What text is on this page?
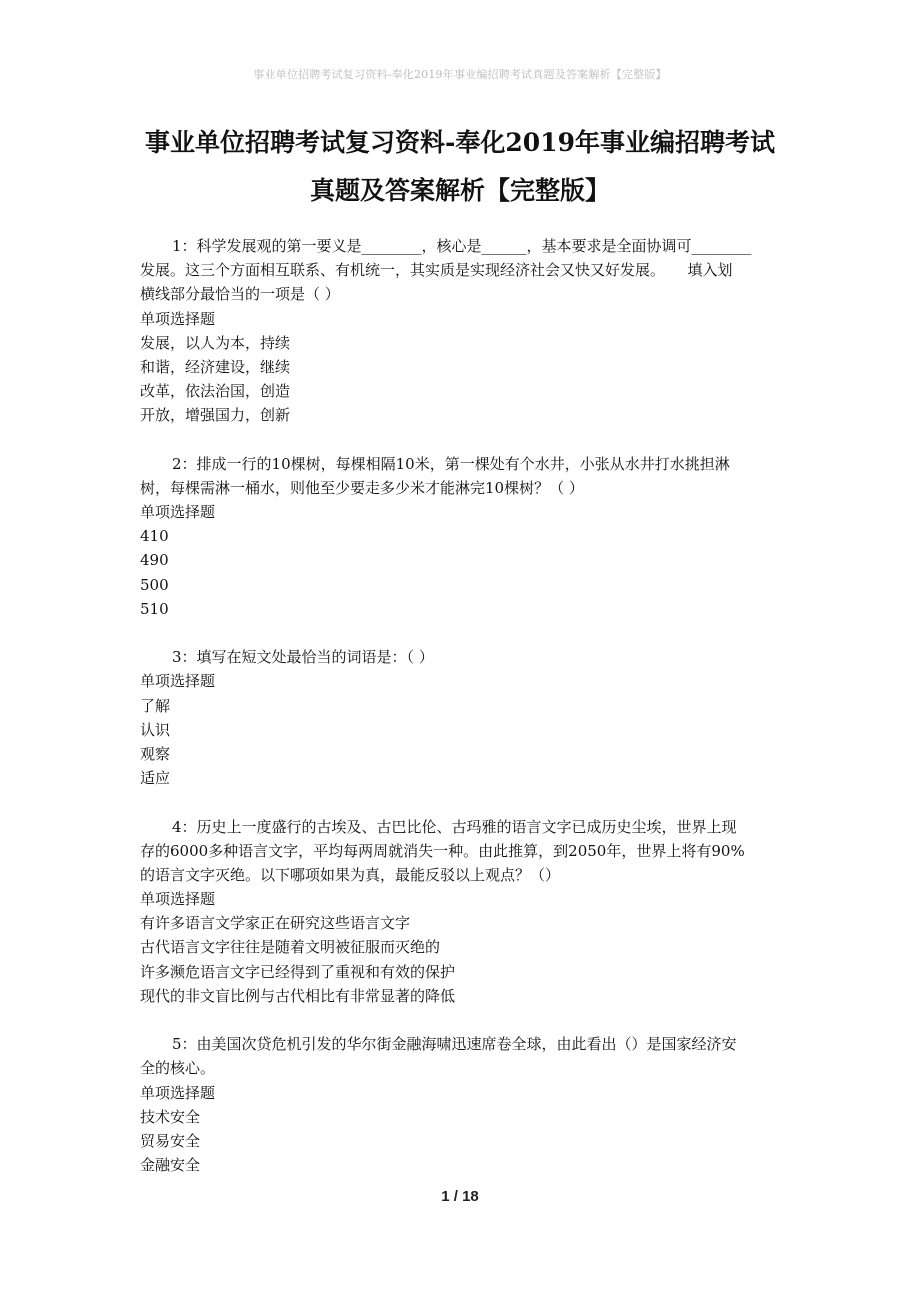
事业单位招聘考试复习资料-奉化2019年事业编招聘考试真题及答案解析【完整版】
事业单位招聘考试复习资料-奉化2019年事业编招聘考试
真题及答案解析【完整版】
1：科学发展观的第一要义是________，核心是______，基本要求是全面协调可________
发展。这三个方面相互联系、有机统一，其实质是实现经济社会又快又好发展。　　填入划
横线部分最恰当的一项是（ ）
单项选择题
发展，以人为本，持续
和谐，经济建设，继续
改革，依法治国，创造
开放，增强国力，创新
2：排成一行的10棵树，每棵相隔10米，第一棵处有个水井，小张从水井打水挑担淋
树，每棵需淋一桶水，则他至少要走多少米才能淋完10棵树？（ ）
单项选择题
410
490
500
510
3：填写在短文处最恰当的词语是：（ ）
单项选择题
了解
认识
观察
适应
4：历史上一度盛行的古埃及、古巴比伦、古玛雅的语言文字已成历史尘埃，世界上现
存的6000多种语言文字，平均每两周就消失一种。由此推算，到2050年，世界上将有90%
的语言文字灭绝。以下哪项如果为真，最能反驳以上观点？（）
单项选择题
有许多语言文学家正在研究这些语言文字
古代语言文字往往是随着文明被征服而灭绝的
许多濒危语言文字已经得到了重视和有效的保护
现代的非文盲比例与古代相比有非常显著的降低
5：由美国次贷危机引发的华尔街金融海啸迅速席卷全球，由此看出（）是国家经济安
全的核心。
单项选择题
技术安全
贸易安全
金融安全
1 / 18
